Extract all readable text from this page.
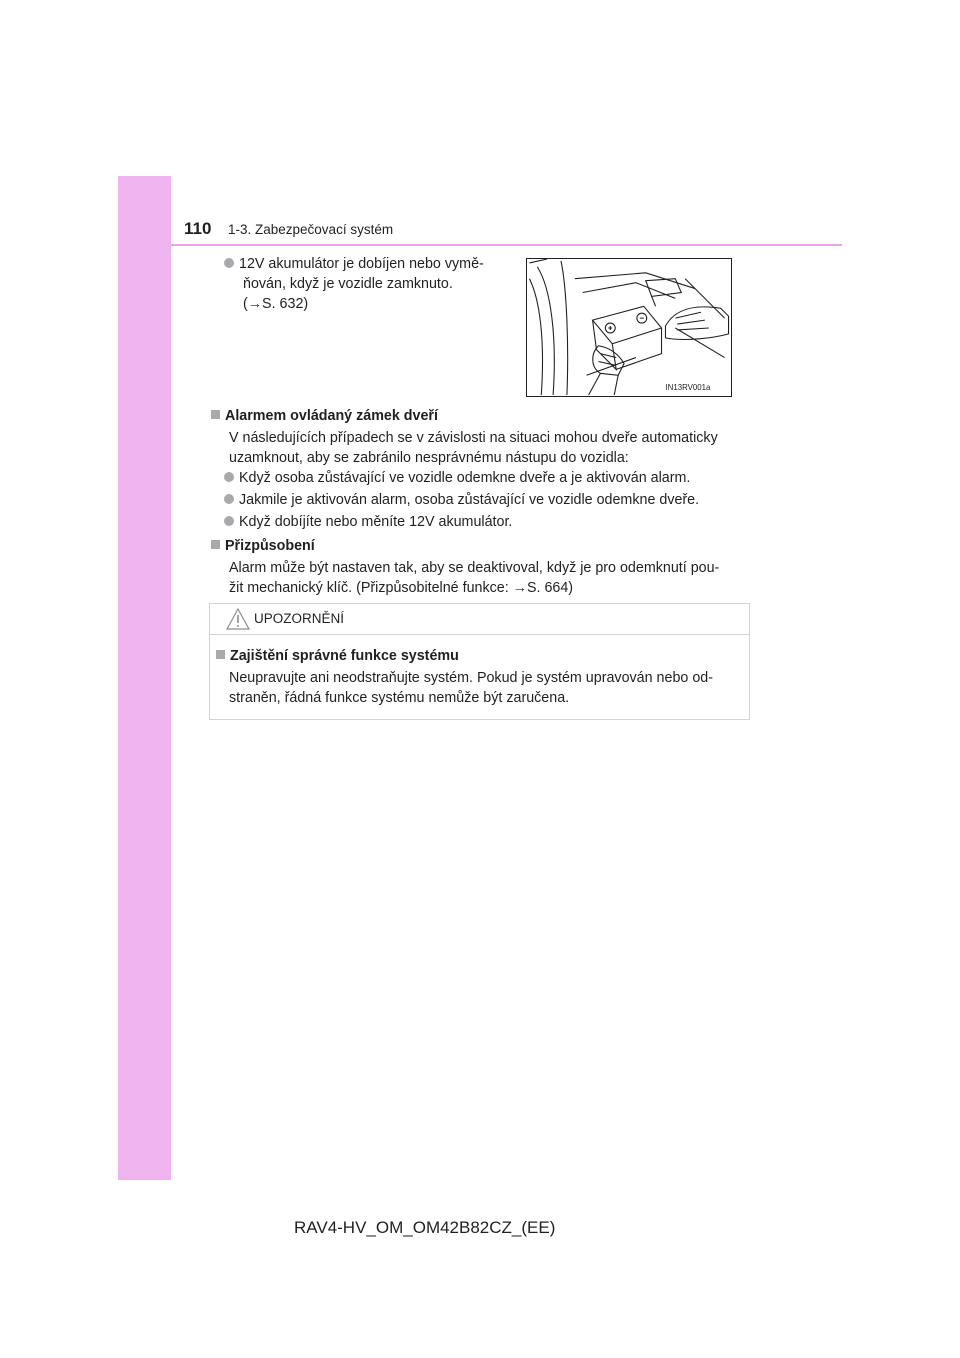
110 1-3. Zabezpečovací systém
12V akumulátor je dobíjen nebo vymě-
ňován, když je vozidle zamknuto.
(→S. 632)
IN13RV001a
Alarmem ovládaný zámek dveří
V následujících případech se v závislosti na situaci mohou dveře automaticky
uzamknout, aby se zabránilo nesprávnému nástupu do vozidla:
Když osoba zůstávající ve vozidle odemkne dveře a je aktivován alarm.
Jakmile je aktivován alarm, osoba zůstávající ve vozidle odemkne dveře.
Když dobíjíte nebo měníte 12V akumulátor.
Přizpůsobení
Alarm může být nastaven tak, aby se deaktivoval, když je pro odemknutí pou-
žit mechanický klíč. (Přizpůsobitelné funkce: →S. 664)
UPOZORNĚNÍ
Zajištění správné funkce systému
Neupravujte ani neodstraňujte systém. Pokud je systém upravován nebo od-
straněn, řádná funkce systému nemůže být zaručena.
RAV4-HV_OM_OM42B82CZ_(EE)
